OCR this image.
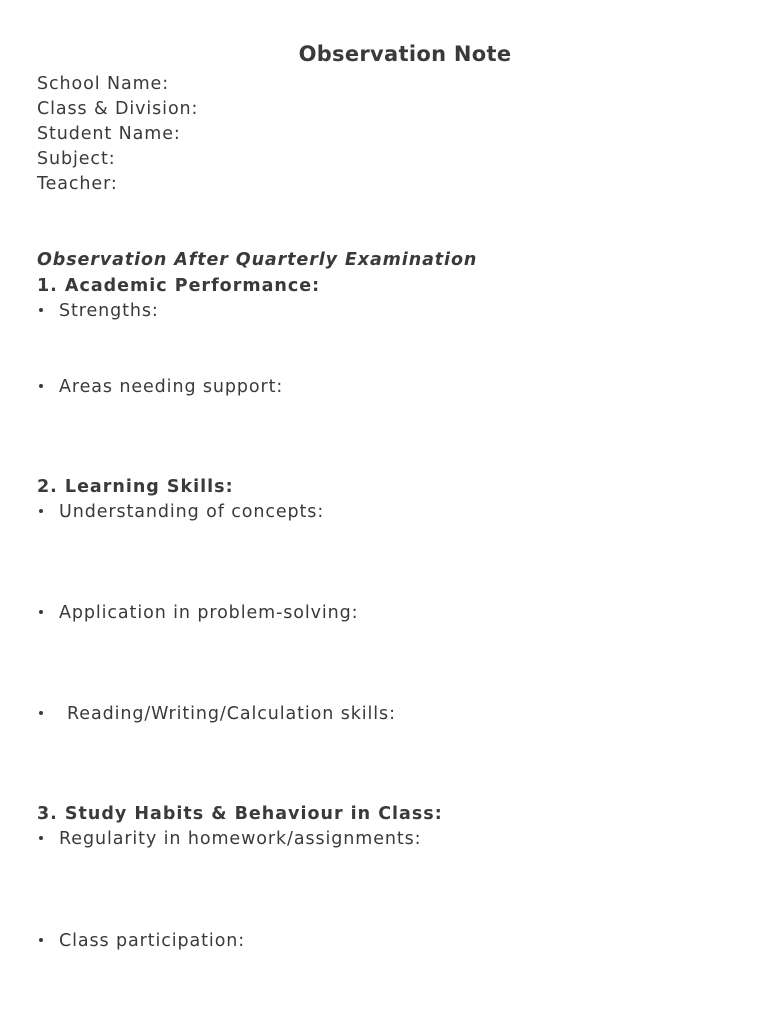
Observation Note
School Name:
Class & Division:
Student Name:
Subject:
Teacher:
Observation After Quarterly Examination
1. Academic Performance:
Strengths:
Areas needing support:
2. Learning Skills:
Understanding of concepts:
Application in problem-solving:
Reading/Writing/Calculation skills:
3. Study Habits & Behaviour in Class:
Regularity in homework/assignments:
Class participation:
